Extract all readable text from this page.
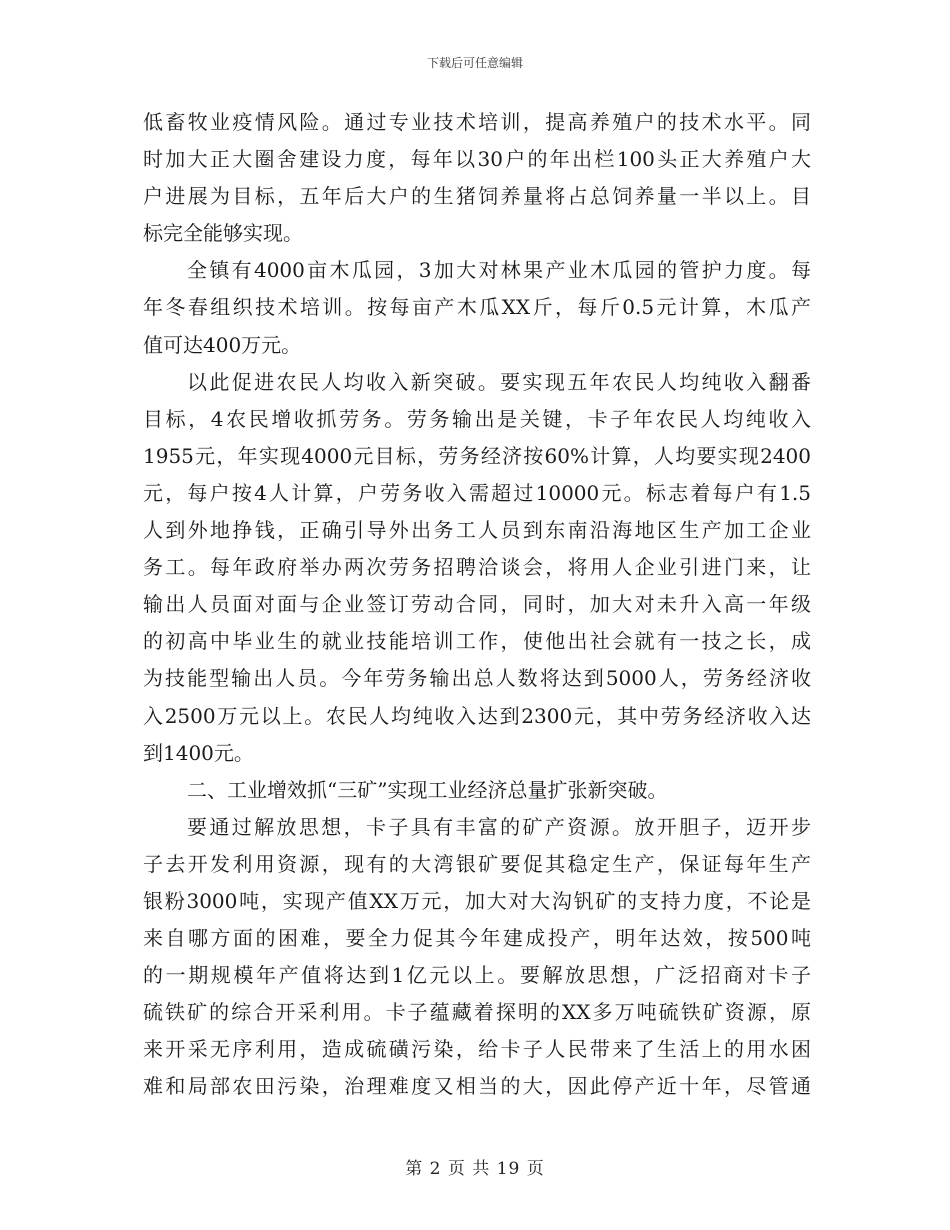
下载后可任意编辑
低畜牧业疫情风险。通过专业技术培训，提高养殖户的技术水平。同
时加大正大圈舍建设力度，每年以30户的年出栏100头正大养殖户大
户进展为目标，五年后大户的生猪饲养量将占总饲养量一半以上。目
标完全能够实现。
全镇有4000亩木瓜园，3加大对林果产业木瓜园的管护力度。每
年冬春组织技术培训。按每亩产木瓜XX斤，每斤0.5元计算，木瓜产
值可达400万元。
以此促进农民人均收入新突破。要实现五年农民人均纯收入翻番
目标，4农民增收抓劳务。劳务输出是关键，卡子年农民人均纯收入
1955元，年实现4000元目标，劳务经济按60%计算，人均要实现2400
元，每户按4人计算，户劳务收入需超过10000元。标志着每户有1.5
人到外地挣钱，正确引导外出务工人员到东南沿海地区生产加工企业
务工。每年政府举办两次劳务招聘洽谈会，将用人企业引进门来，让
输出人员面对面与企业签订劳动合同，同时，加大对未升入高一年级
的初高中毕业生的就业技能培训工作，使他出社会就有一技之长，成
为技能型输出人员。今年劳务输出总人数将达到5000人，劳务经济收
入2500万元以上。农民人均纯收入达到2300元，其中劳务经济收入达
到1400元。
二、工业增效抓“三矿”实现工业经济总量扩张新突破。
要通过解放思想，卡子具有丰富的矿产资源。放开胆子，迈开步
子去开发利用资源，现有的大湾银矿要促其稳定生产，保证每年生产
银粉3000吨，实现产值XX万元，加大对大沟钒矿的支持力度，不论是
来自哪方面的困难，要全力促其今年建成投产，明年达效，按500吨
的一期规模年产值将达到1亿元以上。要解放思想，广泛招商对卡子
硫铁矿的综合开采利用。卡子蕴藏着探明的XX多万吨硫铁矿资源，原
来开采无序利用，造成硫磺污染，给卡子人民带来了生活上的用水困
难和局部农田污染，治理难度又相当的大，因此停产近十年，尽管通
第 2 页 共 19 页
